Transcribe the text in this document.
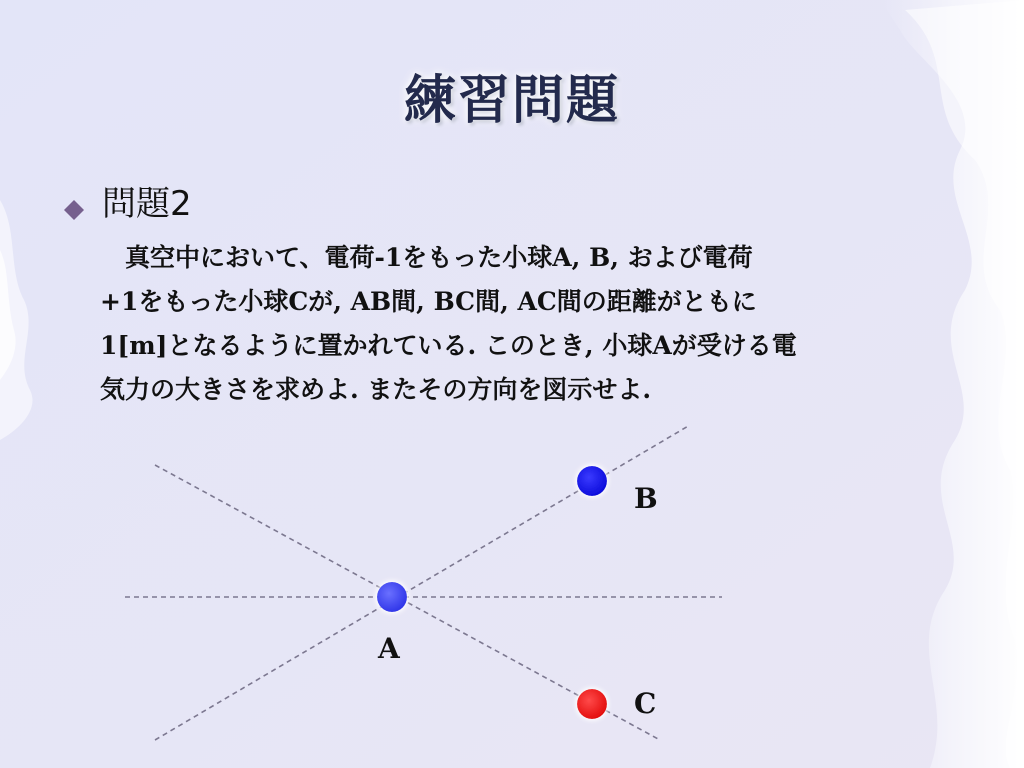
練習問題
問題2

　真空中において、電荷-1をもった小球A, B, および電荷
+1をもった小球Cが, AB間, BC間, AC間の距離がともに
1[m]となるように置かれている. このとき, 小球Aが受ける電
気力の大きさを求めよ. またその方向を図示せよ.

A
B
C
